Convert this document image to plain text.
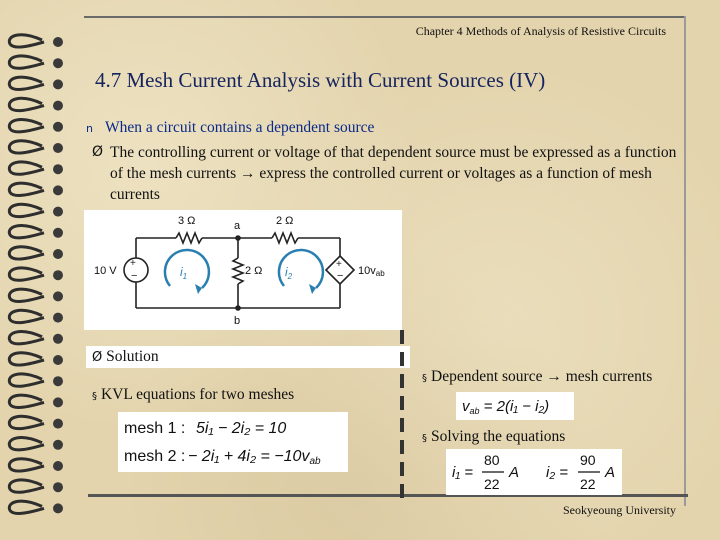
Chapter 4 Methods of Analysis of Resistive Circuits
4.7 Mesh Current Analysis with Current Sources (IV)
n When a circuit contains a dependent source
Ø The controlling current or voltage of that dependent source must be expressed as a function of the mesh currents → express the controlled current or voltages as a function of mesh currents
+
−
+
−
3 Ω	2 Ω
a
b
2 Ω
10 V	10vab
$i_1$	$i_2$
Ø Solution
§ KVL equations for two meshes
mesh 1 : 5i₁ − 2i₂ = 10
mesh 2 : − 2i₁ + 4i₂ = −10vab
§ Dependent source → mesh currents
$v_{ab} = 2(i_1 - i_2)$
§ Solving the equations
i₁ =
80
22
A i₂ =
90
22
A
Seokyeoung University
